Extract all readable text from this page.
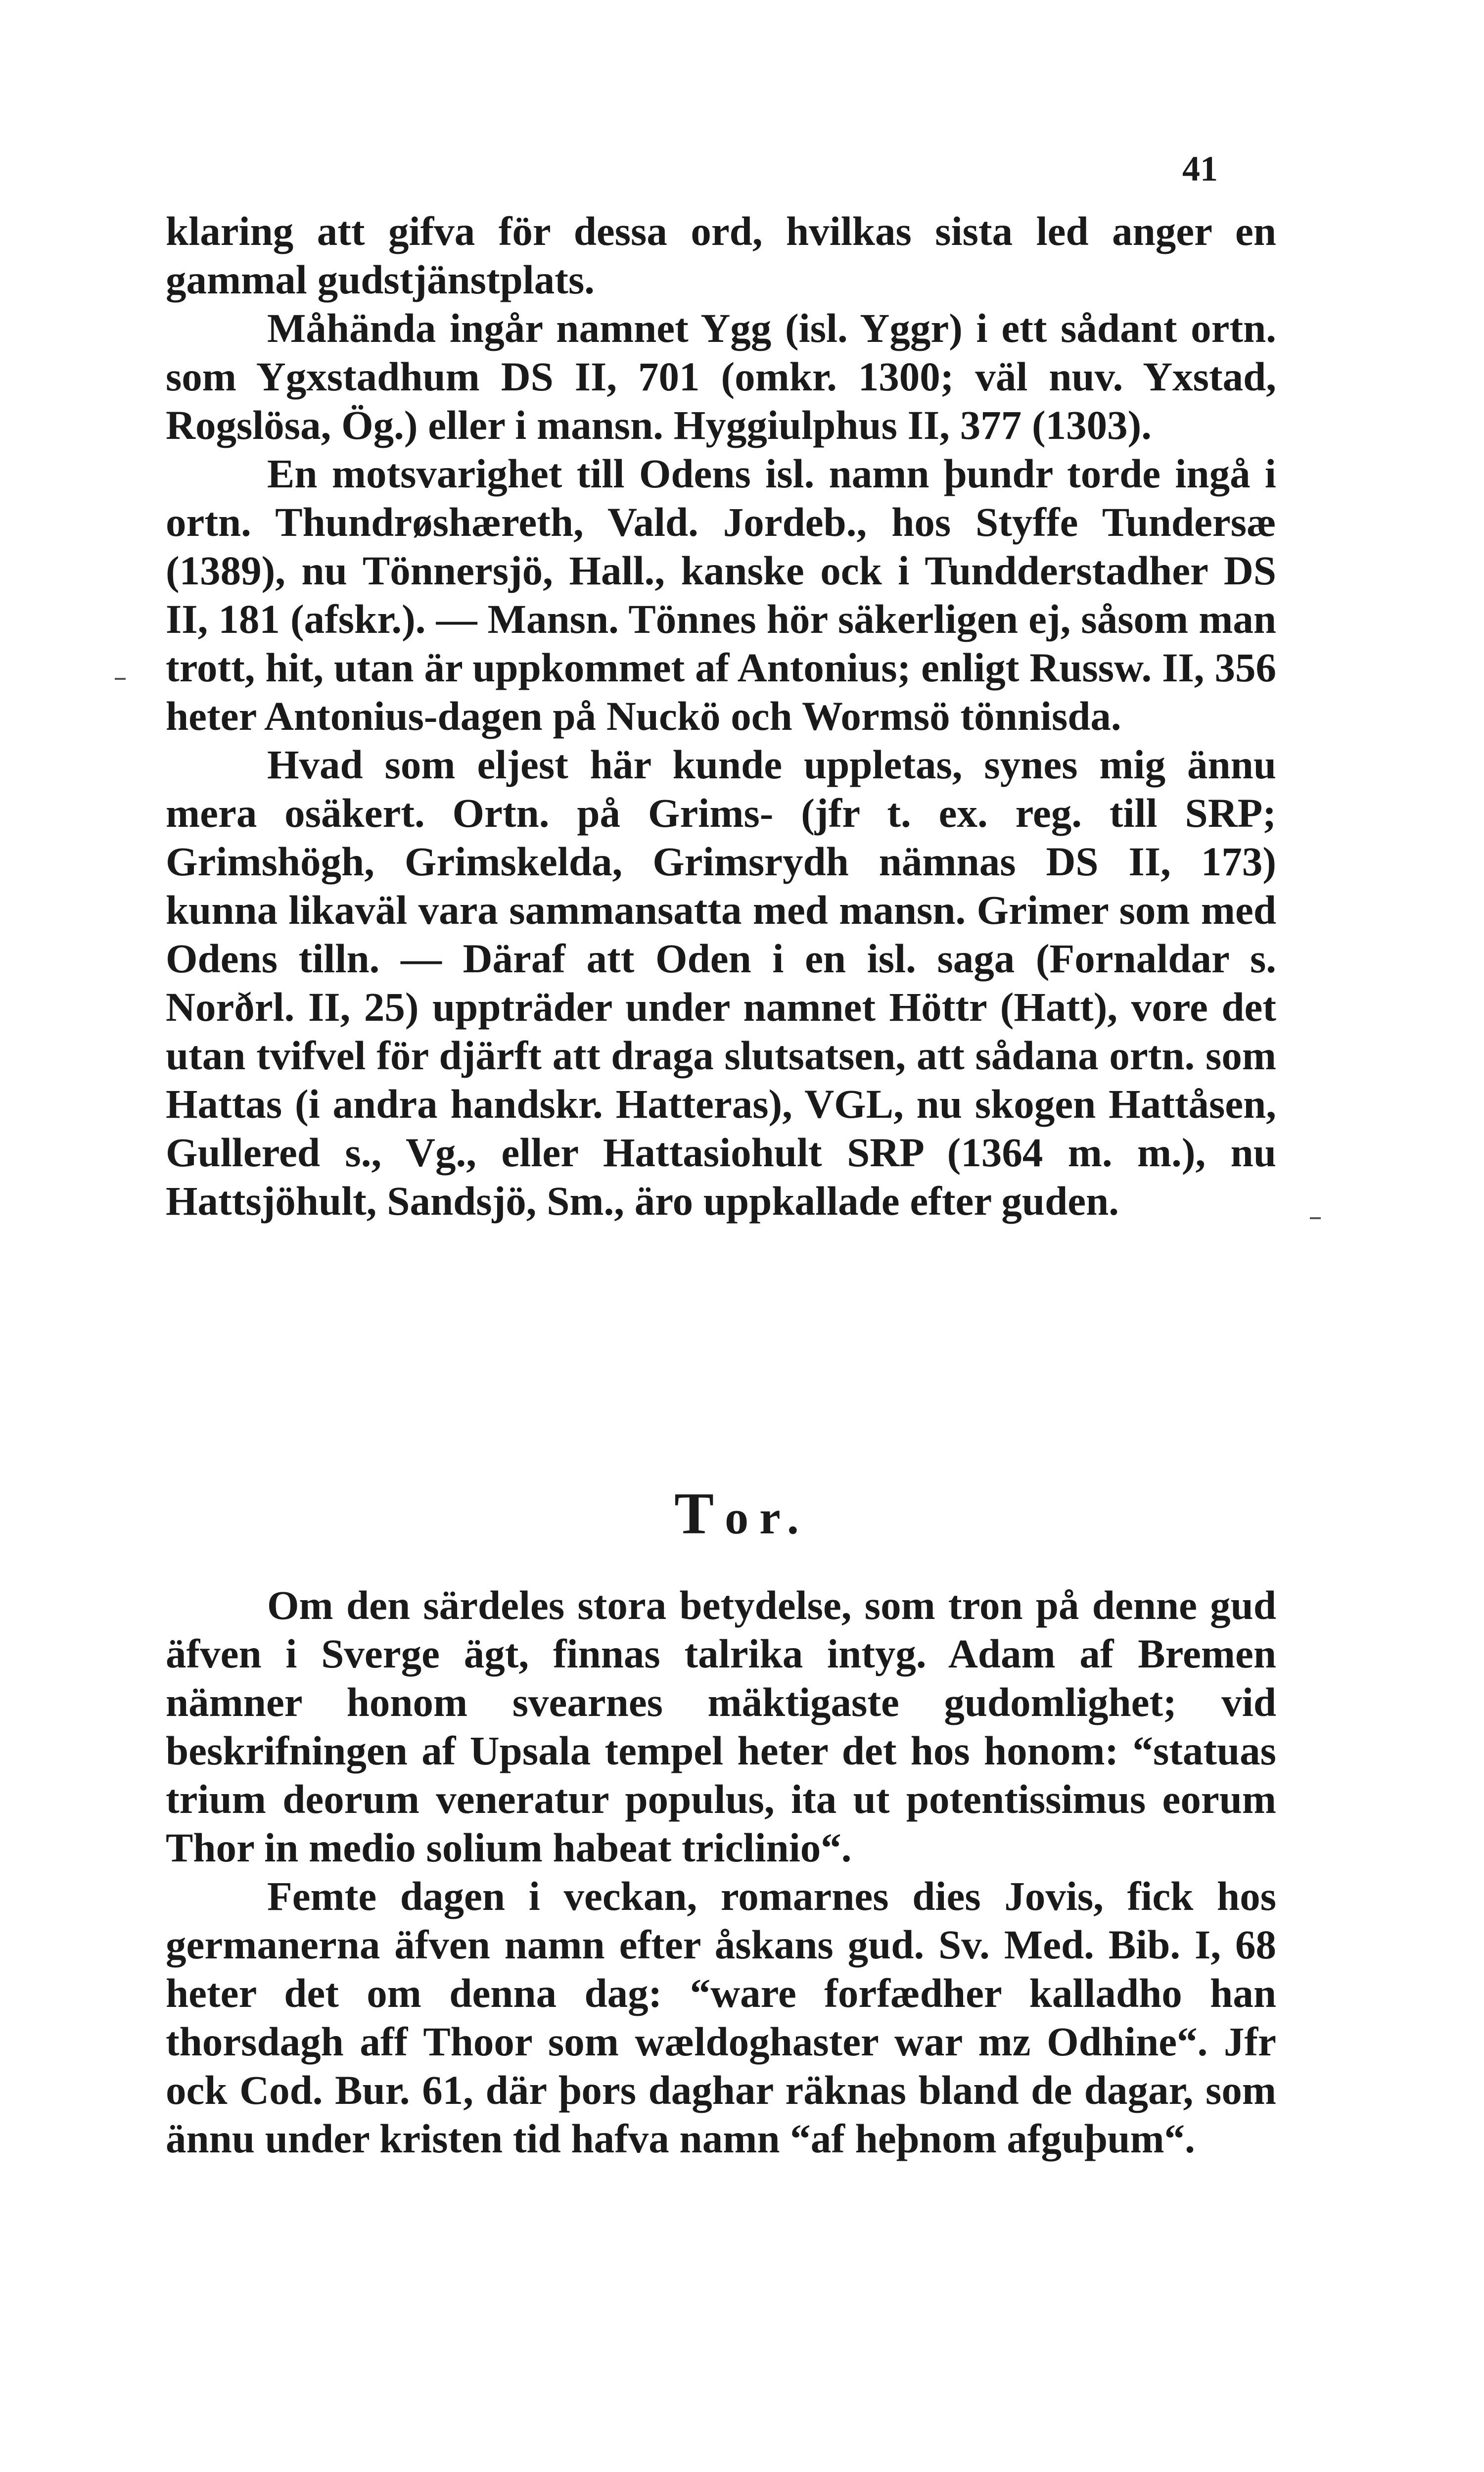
41

klaring att gifva för dessa ord, hvilkas sista led anger en gammal gudstjänstplats.

Måhända ingår namnet Ygg (isl. Yggr) i ett sådant ortn. som Ygxstadhum DS II, 701 (omkr. 1300; väl nuv. Yxstad, Rogslösa, Ög.) eller i mansn. Hyggiulphus II, 377 (1303).

En motsvarighet till Odens isl. namn þundr torde ingå i ortn. Thundrøshæreth, Vald. Jordeb., hos Styffe Tundersæ (1389), nu Tönnersjö, Hall., kanske ock i Tundderstadher DS II, 181 (afskr.). — Mansn. Tönnes hör säkerligen ej, såsom man trott, hit, utan är uppkommet af Antonius; enligt Russw. II, 356 heter Antonius-dagen på Nuckö och Wormsö tönnisda.

Hvad som eljest här kunde uppletas, synes mig ännu mera osäkert. Ortn. på Grims- (jfr t. ex. reg. till SRP; Grimshögh, Grimskelda, Grimsrydh nämnas DS II, 173) kunna likaväl vara sammansatta med mansn. Grimer som med Odens tilln. — Däraf att Oden i en isl. saga (Fornaldar s. Norðrl. II, 25) uppträder under namnet Höttr (Hatt), vore det utan tvifvel för djärft att draga slutsatsen, att sådana ortn. som Hattas (i andra handskr. Hatteras), VGL, nu skogen Hattåsen, Gullered s., Vg., eller Hattasiohult SRP (1364 m. m.), nu Hattsjöhult, Sandsjö, Sm., äro uppkallade efter guden.

Tor.

Om den särdeles stora betydelse, som tron på denne gud äfven i Sverge ägt, finnas talrika intyg. Adam af Bremen nämner honom svearnes mäktigaste gudomlighet; vid beskrifningen af Upsala tempel heter det hos honom: “statuas trium deorum veneratur populus, ita ut potentissimus eorum Thor in medio solium habeat triclinio“.

Femte dagen i veckan, romarnes dies Jovis, fick hos germanerna äfven namn efter åskans gud. Sv. Med. Bib. I, 68 heter det om denna dag: “ware forfædher kalladho han thorsdagh aff Thoor som wældoghaster war mz Odhine“. Jfr ock Cod. Bur. 61, där þors daghar räknas bland de dagar, som ännu under kristen tid hafva namn “af heþnom afguþum“.
